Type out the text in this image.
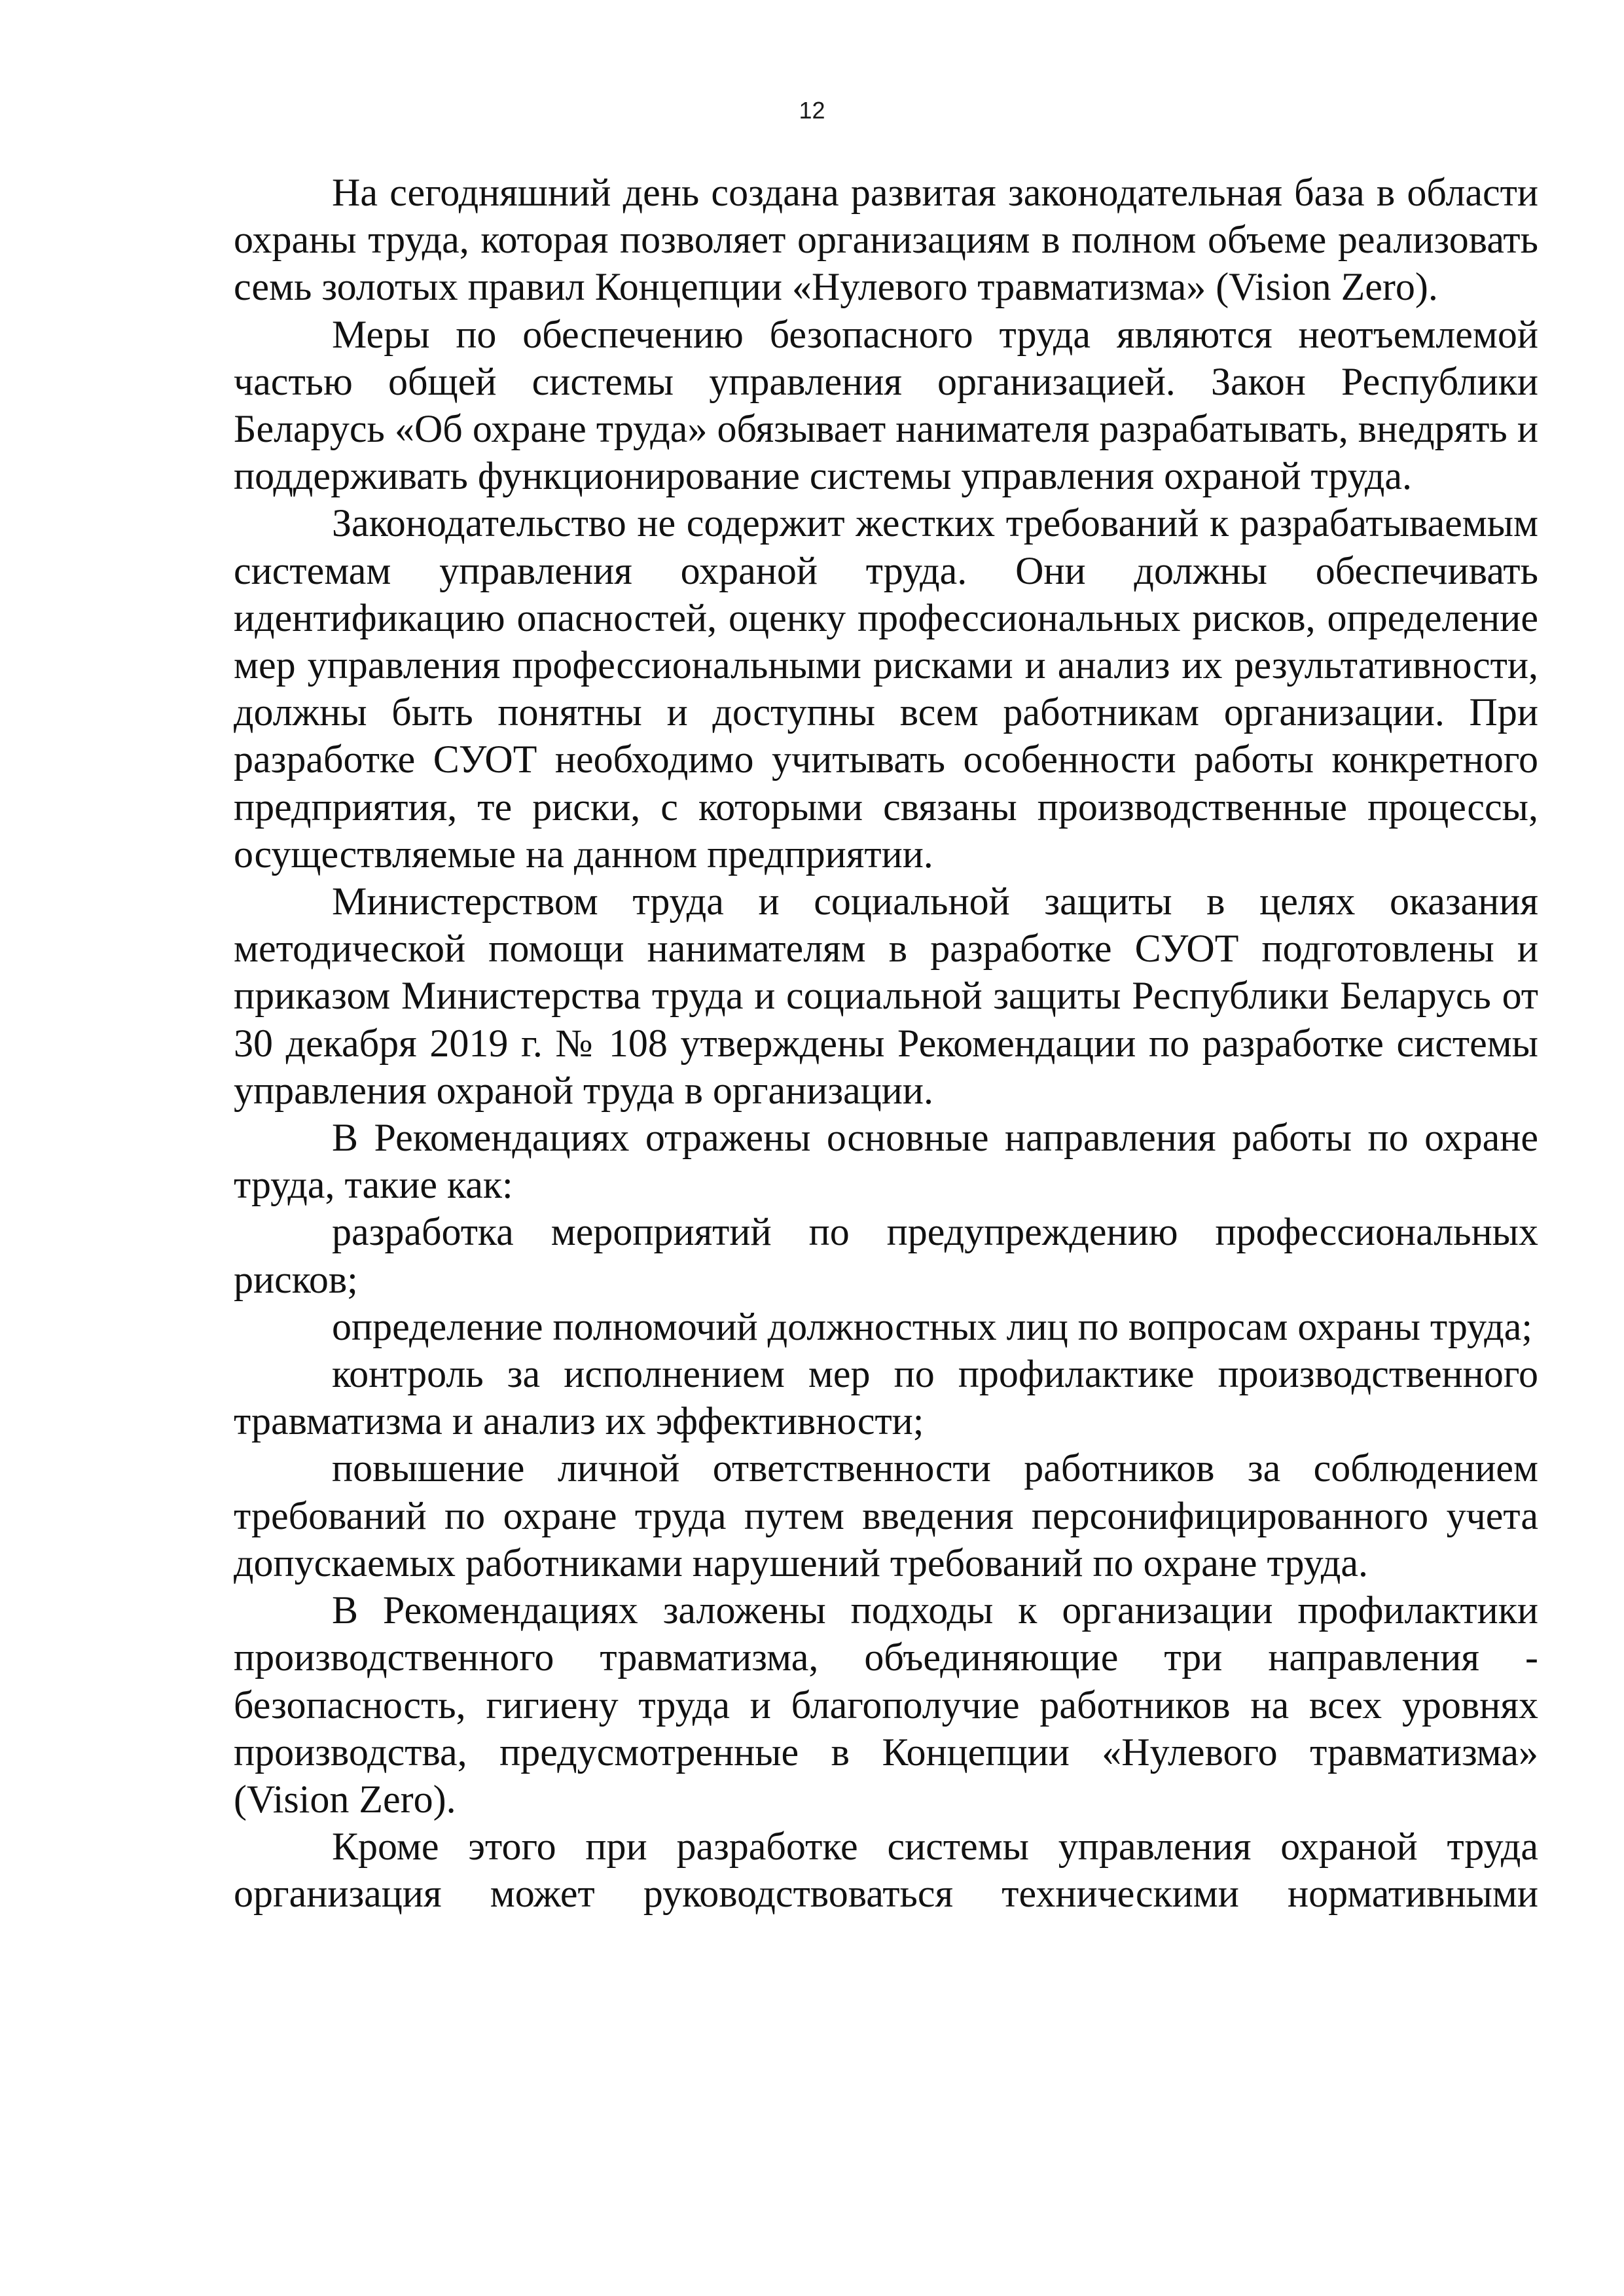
12

На сегодняшний день создана развитая законодательная база в области охраны труда, которая позволяет организациям в полном объеме реализовать семь золотых правил Концепции «Нулевого травматизма» (Vision Zero).

Меры по обеспечению безопасного труда являются неотъемлемой частью общей системы управления организацией. Закон Республики Беларусь «Об охране труда» обязывает нанимателя разрабатывать, внедрять и поддерживать функционирование системы управления охраной труда.

Законодательство не содержит жестких требований к разрабатываемым системам управления охраной труда. Они должны обеспечивать идентификацию опасностей, оценку профессиональных рисков, определение мер управления профессиональными рисками и анализ их результативности, должны быть понятны и доступны всем работникам организации. При разработке СУОТ необходимо учитывать особенности работы конкретного предприятия, те риски, с которыми связаны производственные процессы, осуществляемые на данном предприятии.

Министерством труда и социальной защиты в целях оказания методической помощи нанимателям в разработке СУОТ подготовлены и приказом Министерства труда и социальной защиты Республики Беларусь от 30 декабря 2019 г. № 108 утверждены Рекомендации по разработке системы управления охраной труда в организации.

В Рекомендациях отражены основные направления работы по охране труда, такие как:

разработка мероприятий по предупреждению профессиональных рисков;

определение полномочий должностных лиц по вопросам охраны труда;

контроль за исполнением мер по профилактике производственного травматизма и анализ их эффективности;

повышение личной ответственности работников за соблюдением требований по охране труда путем введения персонифицированного учета допускаемых работниками нарушений требований по охране труда.

В Рекомендациях заложены подходы к организации профилактики производственного травматизма, объединяющие три направления - безопасность, гигиену труда и благополучие работников на всех уровнях производства, предусмотренные в Концепции «Нулевого травматизма» (Vision Zero).

Кроме этого при разработке системы управления охраной труда организация может руководствоваться техническими нормативными
